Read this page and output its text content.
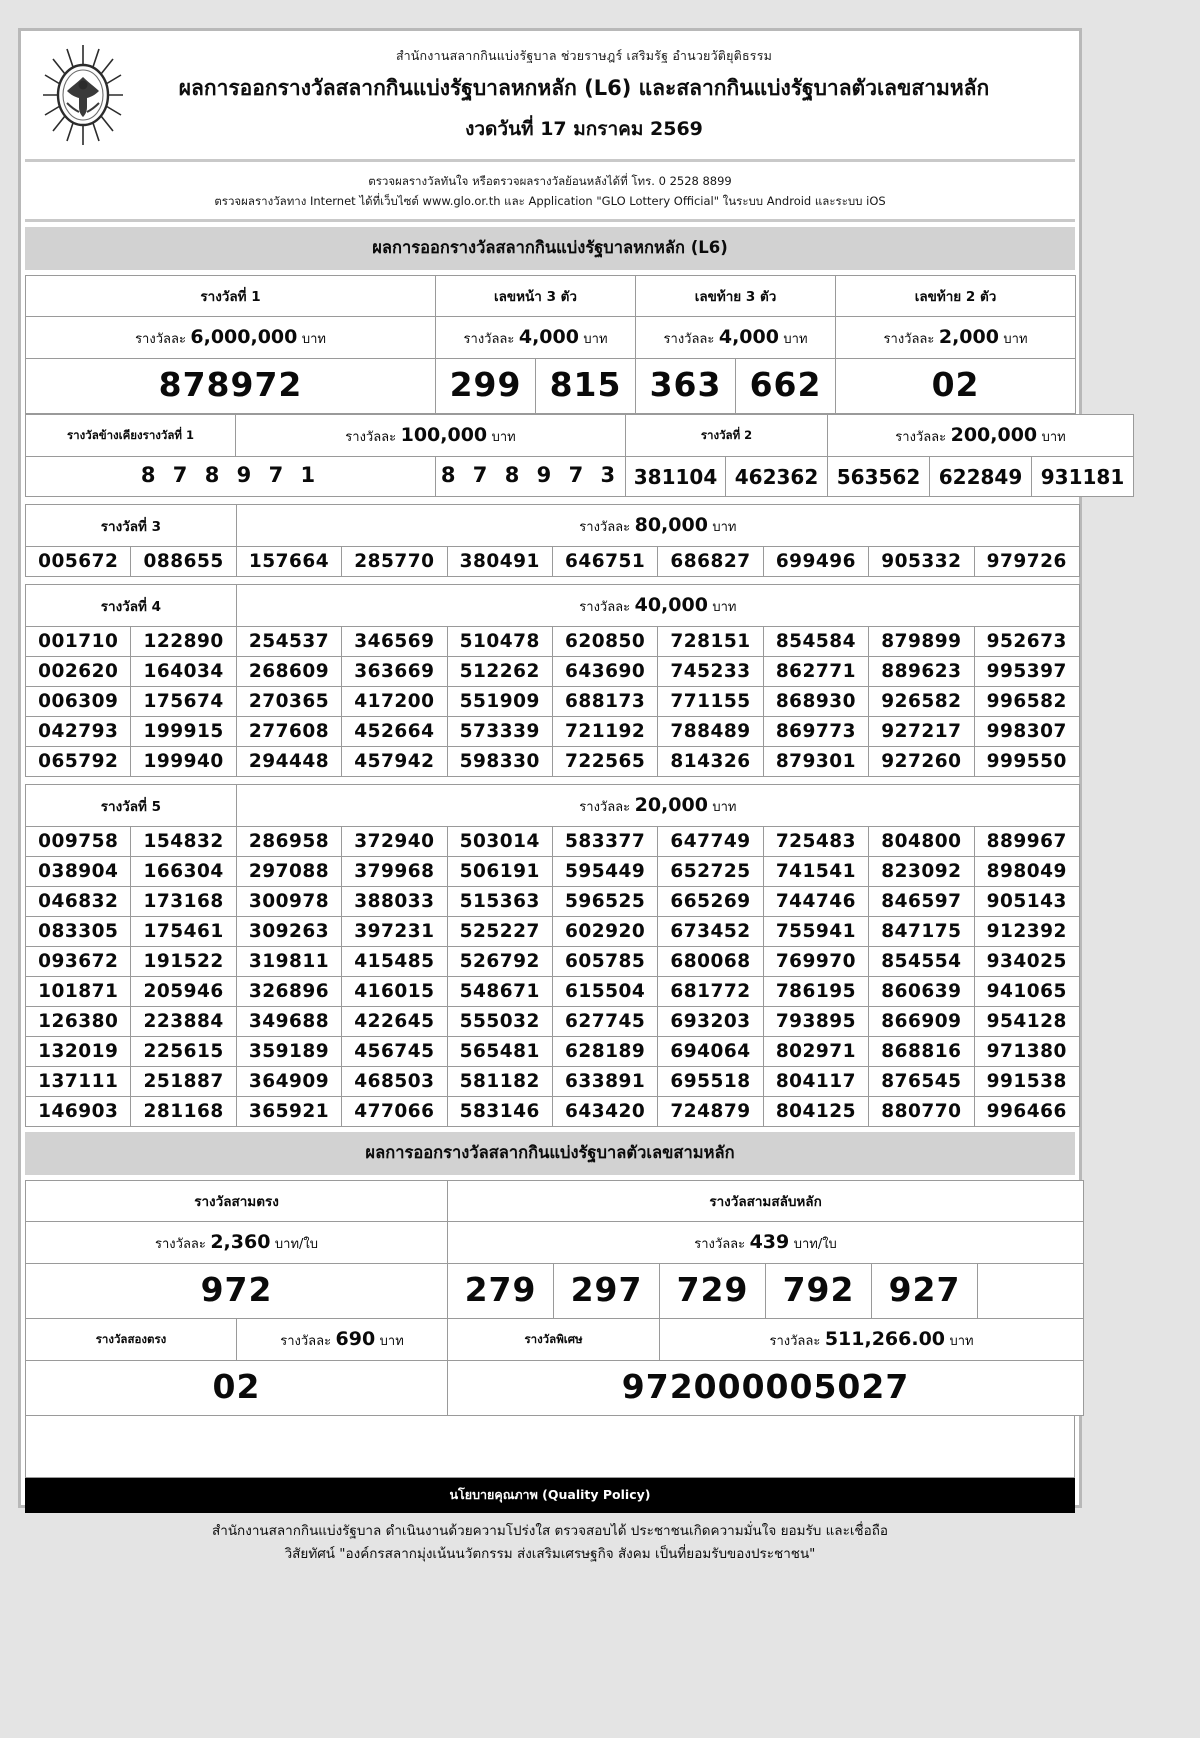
สำนักงานสลากกินแบ่งรัฐบาล ช่วยราษฎร์ เสริมรัฐ อำนวยวัติยุติธรรม
ผลการออกรางวัลสลากกินแบ่งรัฐบาลหกหลัก (L6) และสลากกินแบ่งรัฐบาลตัวเลขสามหลัก
งวดวันที่ 17 มกราคม 2569
ตรวจผลรางวัลทันใจ หรือตรวจผลรางวัลย้อนหลังได้ที่ โทร. 0 2528 8899
ตรวจผลรางวัลทาง Internet ได้ที่เว็บไซต์ www.glo.or.th และ Application "GLO Lottery Official" ในระบบ Android และระบบ iOS
ผลการออกรางวัลสลากกินแบ่งรัฐบาลหกหลัก (L6)
รางวัลที่ 1	เลขหน้า 3 ตัว		เลขท้าย 3 ตัว		เลขท้าย 2 ตัว
รางวัลละ 6,000,000 บาท	รางวัลละ 4,000 บาท		รางวัลละ 4,000 บาท		รางวัลละ 2,000 บาท
878972	299	815	363	662	02
รางวัลข้างเคียงรางวัลที่ 1	รางวัลละ 100,000 บาท		รางวัลที่ 2		รางวัลละ 200,000 บาท		
8 7 8 9 7 1		8 7 8 9 7 3	381104	462362	563562	622849	931181
รางวัลที่ 3		รางวัลละ 80,000 บาท							
005672	088655	157664	285770	380491	646751	686827	699496	905332	979726
รางวัลที่ 4		รางวัลละ 40,000 บาท							
001710	122890	254537	346569	510478	620850	728151	854584	879899	952673
002620	164034	268609	363669	512262	643690	745233	862771	889623	995397
006309	175674	270365	417200	551909	688173	771155	868930	926582	996582
042793	199915	277608	452664	573339	721192	788489	869773	927217	998307
065792	199940	294448	457942	598330	722565	814326	879301	927260	999550
รางวัลที่ 5		รางวัลละ 20,000 บาท							
009758	154832	286958	372940	503014	583377	647749	725483	804800	889967
038904	166304	297088	379968	506191	595449	652725	741541	823092	898049
046832	173168	300978	388033	515363	596525	665269	744746	846597	905143
083305	175461	309263	397231	525227	602920	673452	755941	847175	912392
093672	191522	319811	415485	526792	605785	680068	769970	854554	934025
101871	205946	326896	416015	548671	615504	681772	786195	860639	941065
126380	223884	349688	422645	555032	627745	693203	793895	866909	954128
132019	225615	359189	456745	565481	628189	694064	802971	868816	971380
137111	251887	364909	468503	581182	633891	695518	804117	876545	991538
146903	281168	365921	477066	583146	643420	724879	804125	880770	996466
ผลการออกรางวัลสลากกินแบ่งรัฐบาลตัวเลขสามหลัก
รางวัลสามตรง		รางวัลสามสลับหลัก					
รางวัลละ 2,360 บาท/ใบ		รางวัลละ 439 บาท/ใบ					
972		279	297	729	792	927	
รางวัลสองตรง	รางวัลละ 690 บาท	รางวัลพิเศษ		รางวัลละ 511,266.00 บาท			
02		972000005027					
นโยบายคุณภาพ (Quality Policy)
สำนักงานสลากกินแบ่งรัฐบาล ดำเนินงานด้วยความโปร่งใส ตรวจสอบได้ ประชาชนเกิดความมั่นใจ ยอมรับ และเชื่อถือ
วิสัยทัศน์ "องค์กรสลากมุ่งเน้นนวัตกรรม ส่งเสริมเศรษฐกิจ สังคม เป็นที่ยอมรับของประชาชน"
